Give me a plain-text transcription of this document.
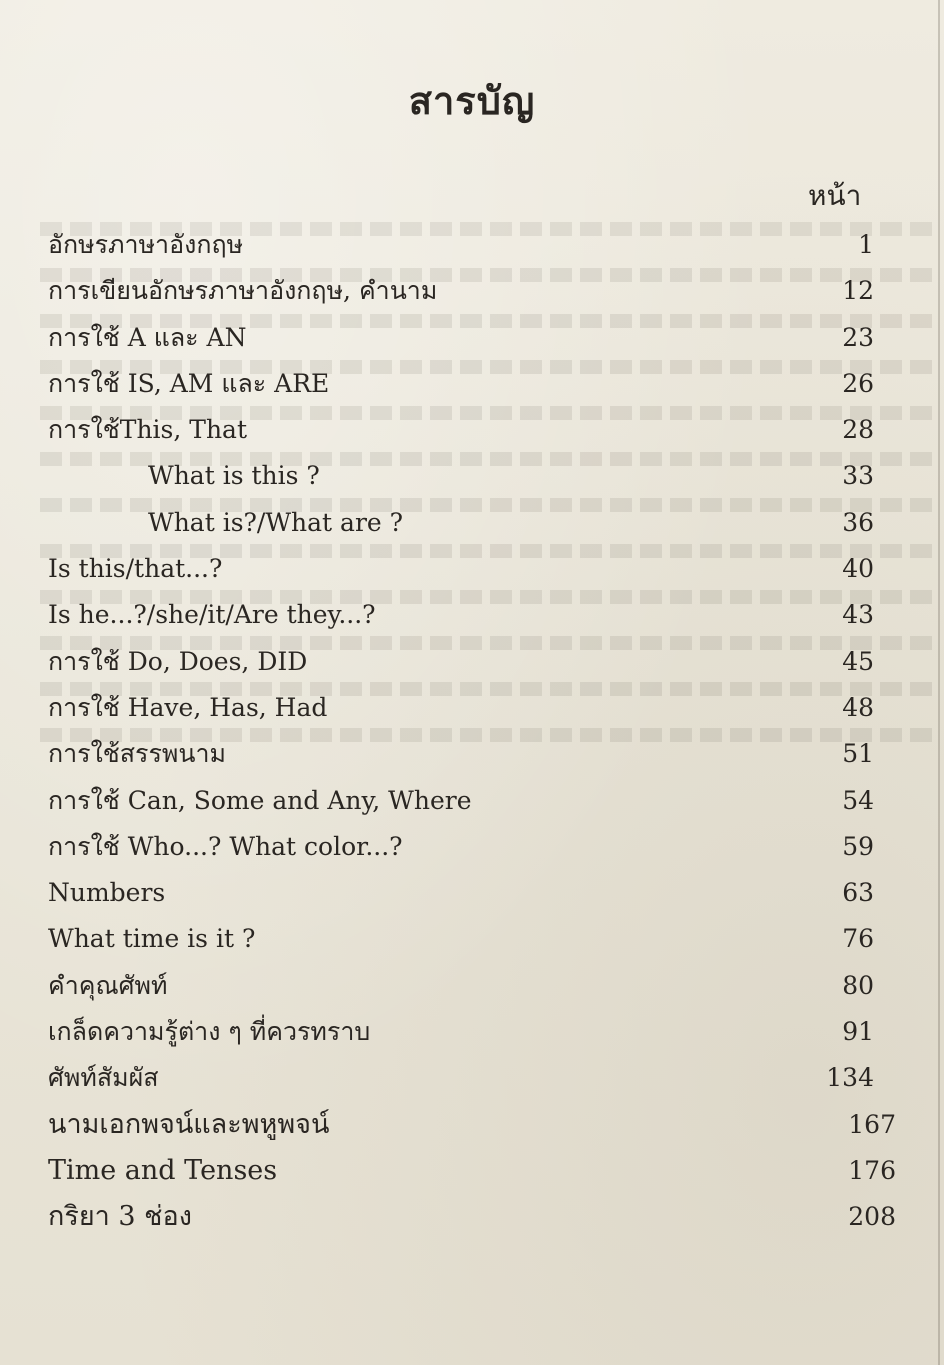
สารบัญ
หน้า
อักษรภาษาอังกฤษ	1
การเขียนอักษรภาษาอังกฤษ, คำนาม	12
การใช้ A และ AN	23
การใช้ IS, AM และ ARE	26
การใช้This, That	28
What is this ?	33
What is?/What are ?	36
Is this/that...?	40
Is he...?/she/it/Are they...?	43
การใช้ Do, Does, DID	45
การใช้ Have, Has, Had	48
การใช้สรรพนาม	51
การใช้ Can, Some and Any, Where	54
การใช้ Who...? What color...?	59
Numbers	63
What time is it ?	76
คำคุณศัพท์	80
เกล็ดความรู้ต่าง ๆ ที่ควรทราบ	91
ศัพท์สัมผัส	134
นามเอกพจน์และพหูพจน์	167
Time and Tenses	176
กริยา 3 ช่อง	208
